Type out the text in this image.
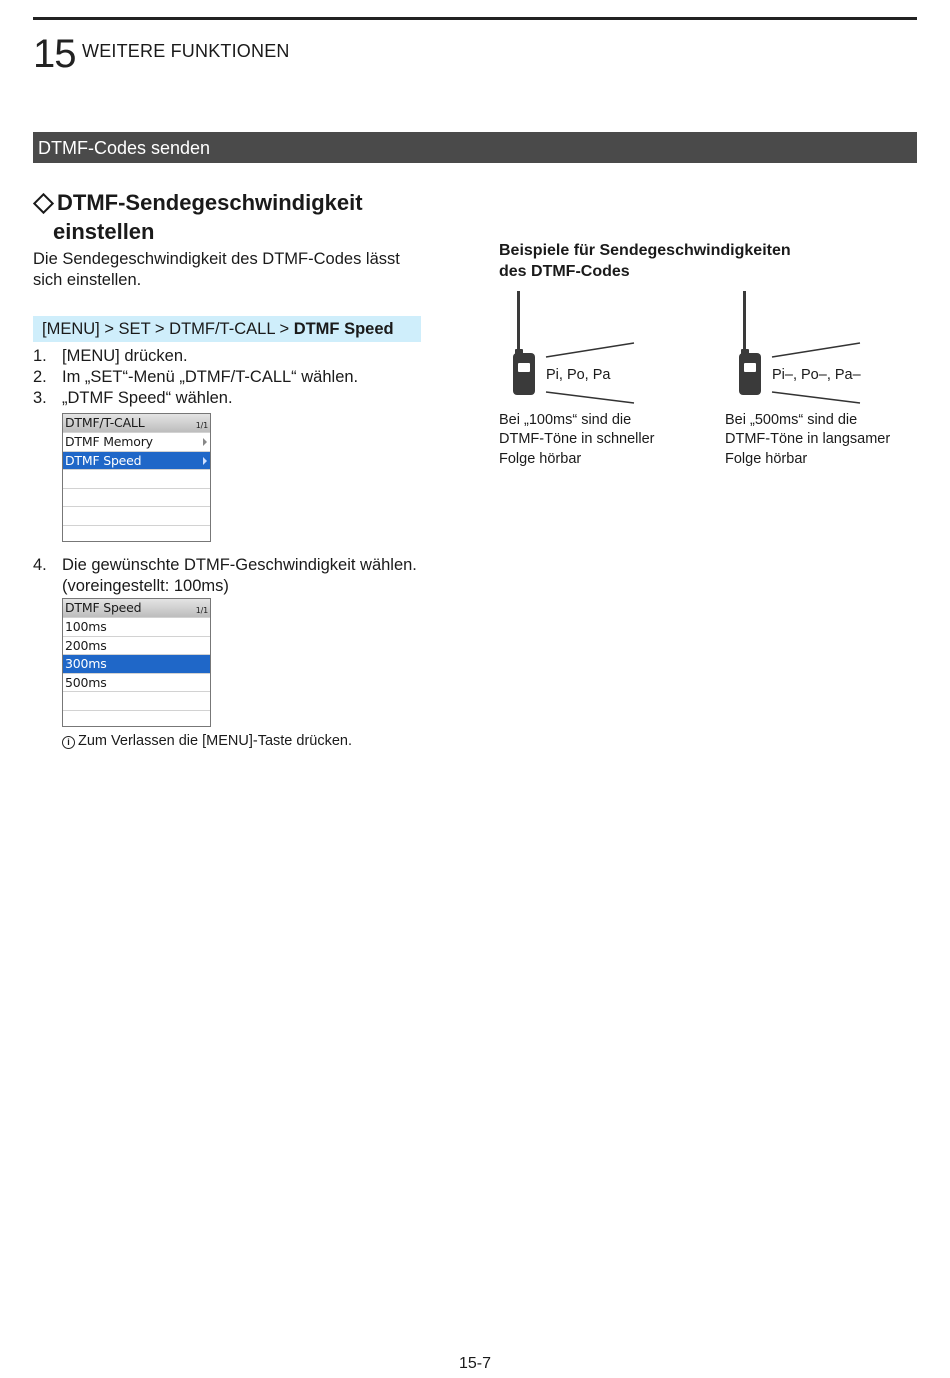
15 WEITERE FUNKTIONEN
DTMF-Codes senden
DTMF-Sendegeschwindigkeit
einstellen
Die Sendegeschwindigkeit des DTMF-Codes lässt
sich einstellen.
[MENU] > SET > DTMF/T-CALL > DTMF Speed
1. [MENU] drücken.
2. Im „SET“-Menü „DTMF/T-CALL“ wählen.
3. „DTMF Speed“ wählen.
DTMF/T-CALL	1/1
DTMF Memory
DTMF Speed
4. Die gewünschte DTMF-Geschwindigkeit wählen.
(voreingestellt: 100ms)
DTMF Speed	1/1
100ms
200ms
300ms
500ms
i Zum Verlassen die [MENU]-Taste drücken.
Beispiele für Sendegeschwindigkeiten
des DTMF-Codes
Pi, Po, Pa
Bei „100ms“ sind die
DTMF-Töne in schneller
Folge hörbar
Pi–, Po–, Pa–
Bei „500ms“ sind die
DTMF-Töne in langsamer
Folge hörbar
15-7
